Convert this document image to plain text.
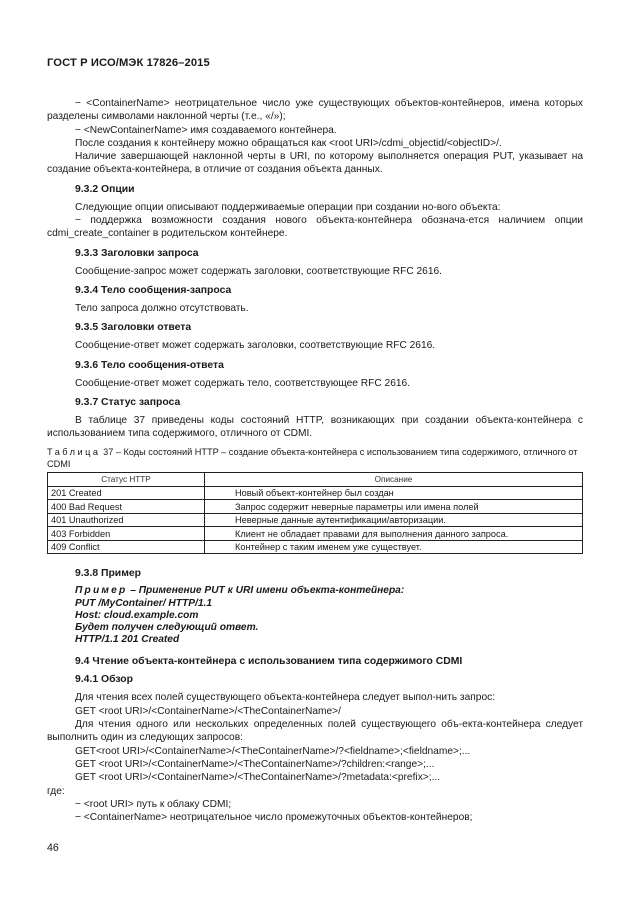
ГОСТ Р ИСО/МЭК 17826–2015

− <ContainerName> неотрицательное число уже существующих объектов-контейнеров, имена которых разделены символами наклонной черты (т.е., «/»);

− <NewContainerName> имя создаваемого контейнера.

После создания к контейнеру можно обращаться как <root URI>/cdmi_objectid/<objectID>/.

Наличие завершающей наклонной черты в URI, по которому выполняется операция PUT, указывает на создание объекта-контейнера, в отличие от создания объекта данных.

9.3.2 Опции

Следующие опции описывают поддерживаемые операции при создании но-вого объекта:

− поддержка возможности создания нового объекта-контейнера обознача-ется наличием опции cdmi_create_container в родительском контейнере.

9.3.3 Заголовки запроса

Сообщение-запрос может содержать заголовки, соответствующие RFC 2616.

9.3.4 Тело сообщения-запроса

Тело запроса должно отсутствовать.

9.3.5 Заголовки ответа

Сообщение-ответ может содержать заголовки, соответствующие RFC 2616.

9.3.6 Тело сообщения-ответа

Сообщение-ответ может содержать тело, соответствующее RFC 2616.

9.3.7 Статус запроса

В таблице 37 приведены коды состояний HTTP, возникающих при создании объекта-контейнера с использованием типа содержимого, отличного от CDMI.

Таблица 37 – Коды состояний HTTP – создание объекта-контейнера с использованием типа содержимого, отличного от CDMI
Статус HTTP	Описание
201 Created	Новый объект-контейнер был создан
400 Bad Request	Запрос содержит неверные параметры или имена полей
401 Unauthorized	Неверные данные аутентификации/авторизации.
403 Forbidden	Клиент не обладает правами для выполнения данного запроса.
409 Conflict	Контейнер с таким именем уже существует.
9.3.8 Пример

Пример – Применение PUT к URI имени объекта-контейнера:

PUT /MyContainer/ HTTP/1.1

Host: cloud.example.com

Будет получен следующий ответ.

HTTP/1.1 201 Created

9.4 Чтение объекта-контейнера с использованием типа содержимого CDMI
9.4.1 Обзор

Для чтения всех полей существующего объекта-контейнера следует выпол-нить запрос:

GET <root URI>/<ContainerName>/<TheContainerName>/

Для чтения одного или нескольких определенных полей существующего объ-екта-контейнера следует выполнить один из следующих запросов:

GET<root URI>/<ContainerName>/<TheContainerName>/?<fieldname>;<fieldname>;...

GET <root URI>/<ContainerName>/<TheContainerName>/?children:<range>;...

GET <root URI>/<ContainerName>/<TheContainerName>/?metadata:<prefix>;...

где:

− <root URI> путь к облаку CDMI;

− <ContainerName> неотрицательное число промежуточных объектов-контейнеров;

46
